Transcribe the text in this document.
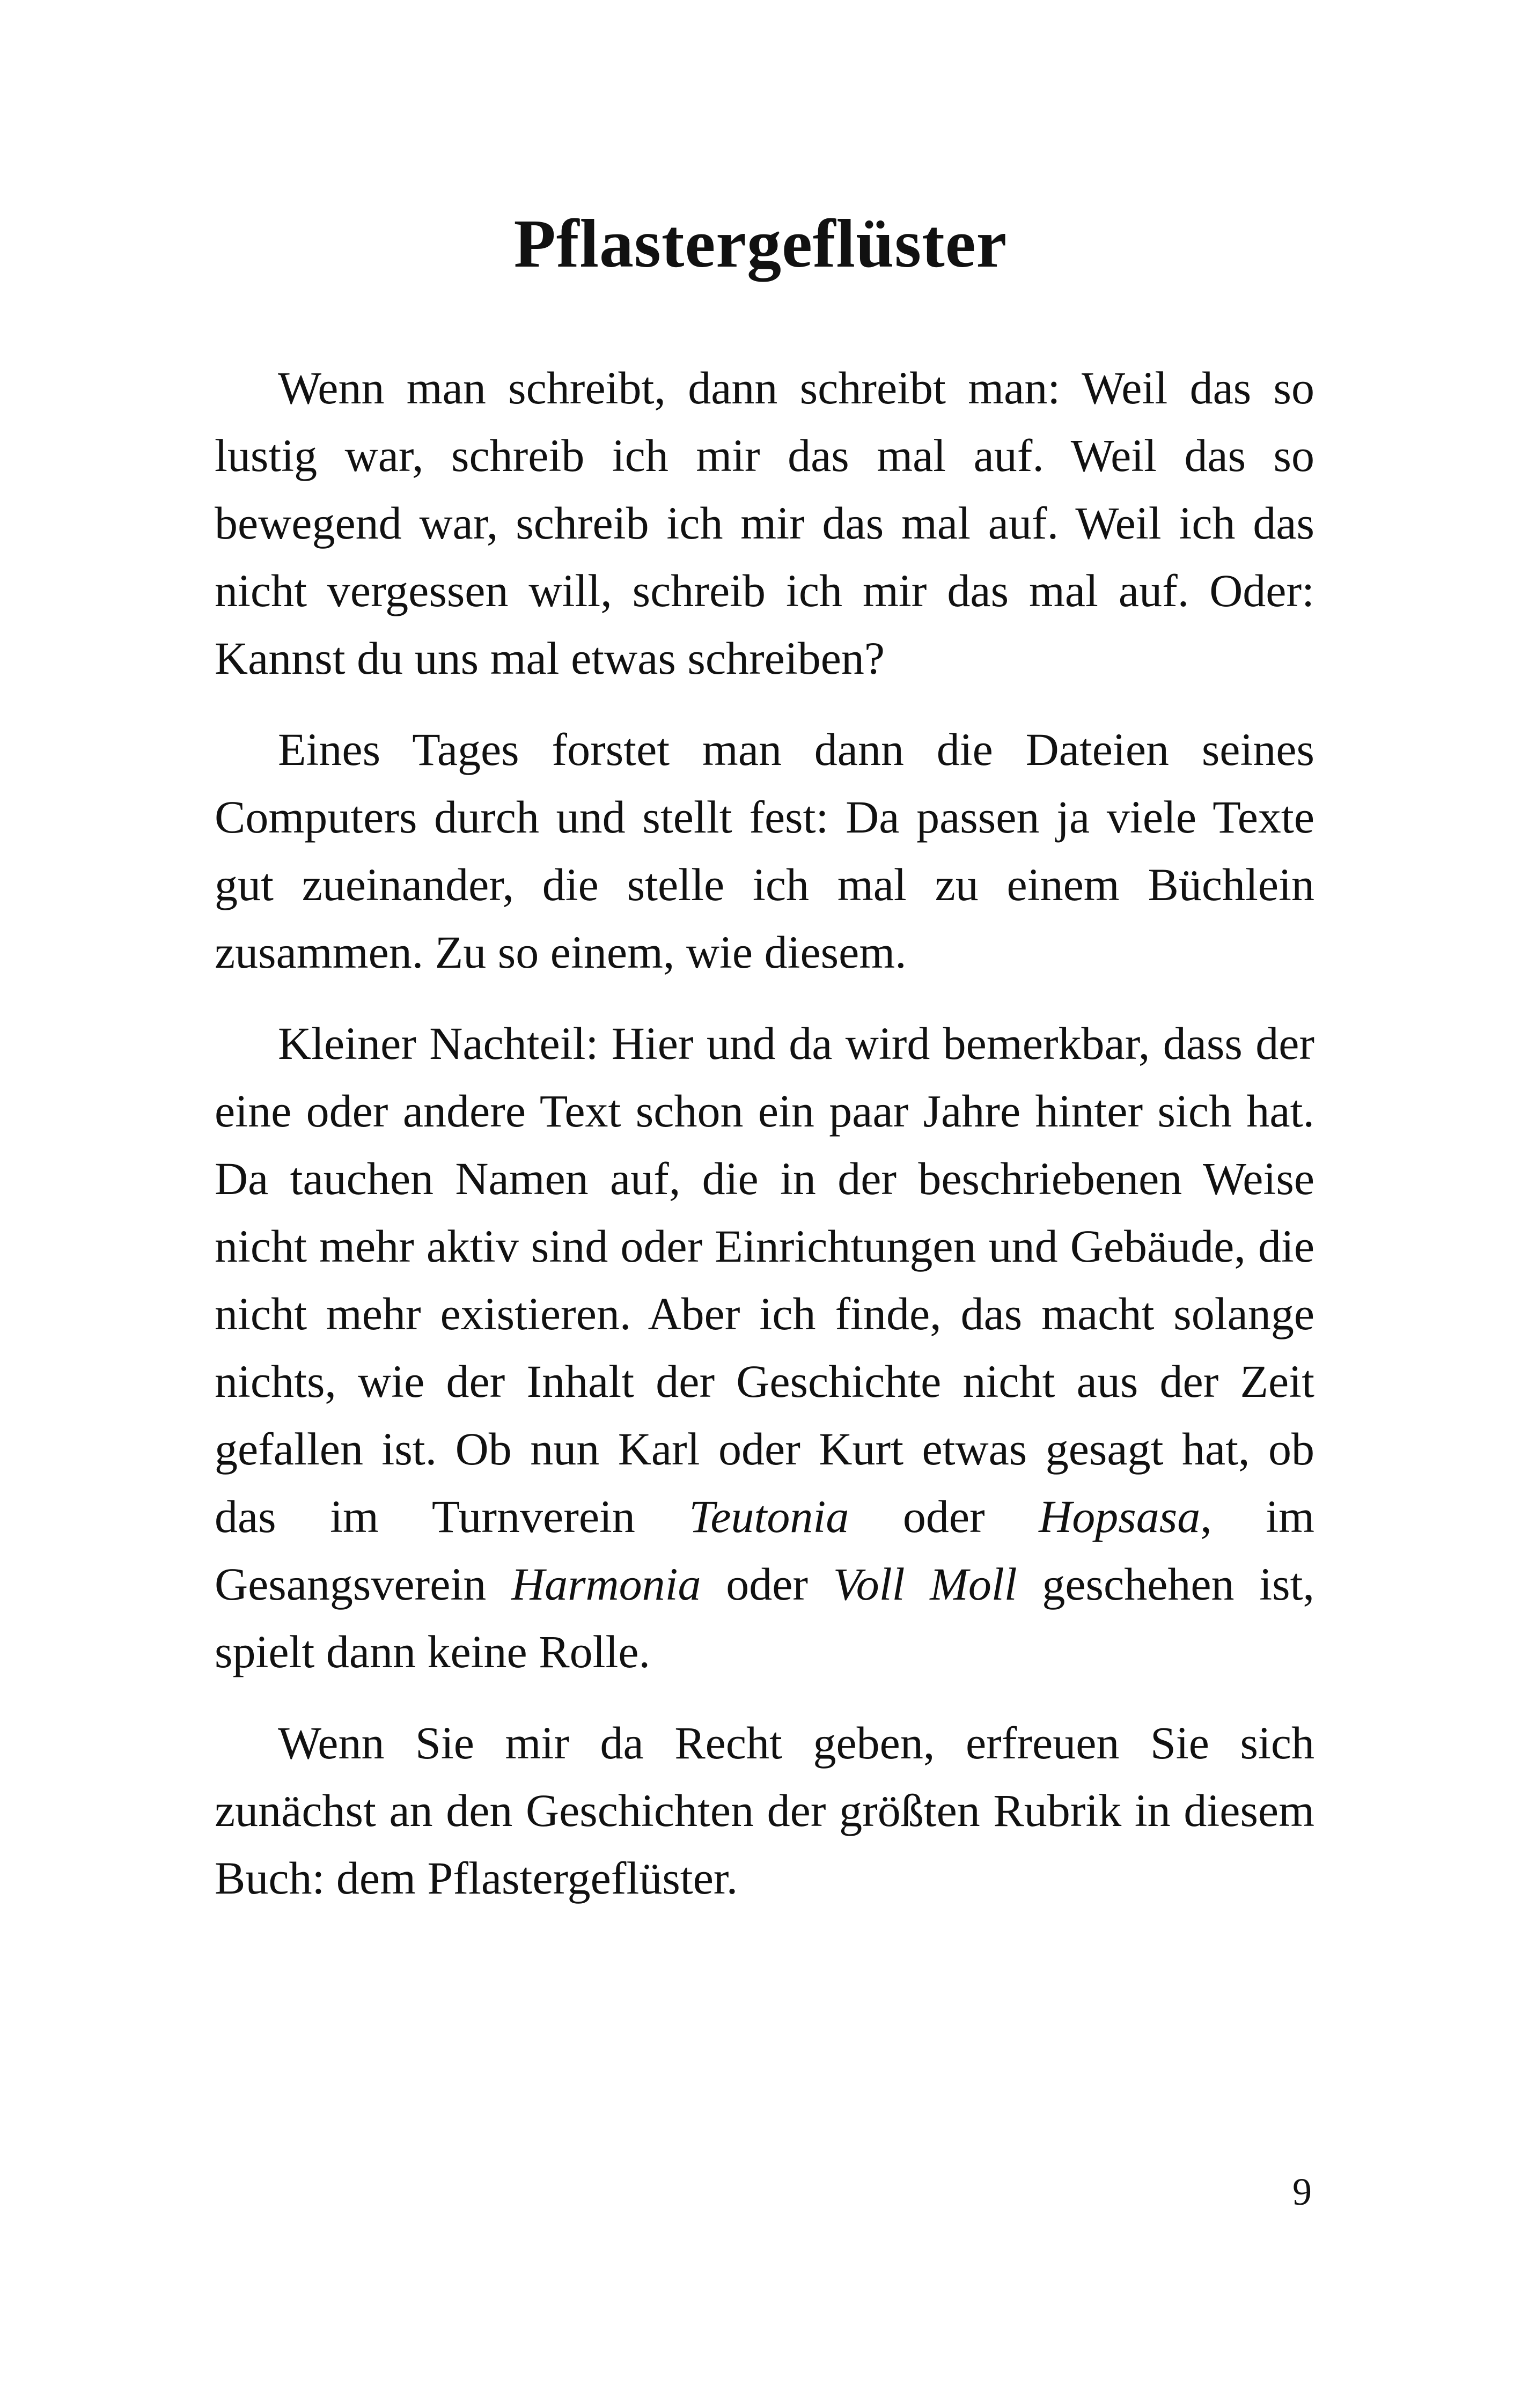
Pflastergeflüster

Wenn man schreibt, dann schreibt man: Weil das so lustig war, schreib ich mir das mal auf. Weil das so bewegend war, schreib ich mir das mal auf. Weil ich das nicht vergessen will, schreib ich mir das mal auf. Oder: Kannst du uns mal etwas schreiben?

Eines Tages forstet man dann die Dateien seines Computers durch und stellt fest: Da passen ja viele Texte gut zueinander, die stelle ich mal zu einem Büchlein zusammen. Zu so einem, wie diesem.

Kleiner Nachteil: Hier und da wird bemerkbar, dass der eine oder andere Text schon ein paar Jahre hinter sich hat. Da tauchen Namen auf, die in der beschriebenen Weise nicht mehr aktiv sind oder Einrichtungen und Gebäude, die nicht mehr existieren. Aber ich finde, das macht solange nichts, wie der Inhalt der Geschichte nicht aus der Zeit gefallen ist. Ob nun Karl oder Kurt etwas gesagt hat, ob das im Turnverein Teutonia oder Hopsasa, im Gesangsverein Harmonia oder Voll Moll geschehen ist, spielt dann keine Rolle.

Wenn Sie mir da Recht geben, erfreuen Sie sich zunächst an den Geschichten der größten Rubrik in diesem Buch: dem Pflastergeflüster.

9
